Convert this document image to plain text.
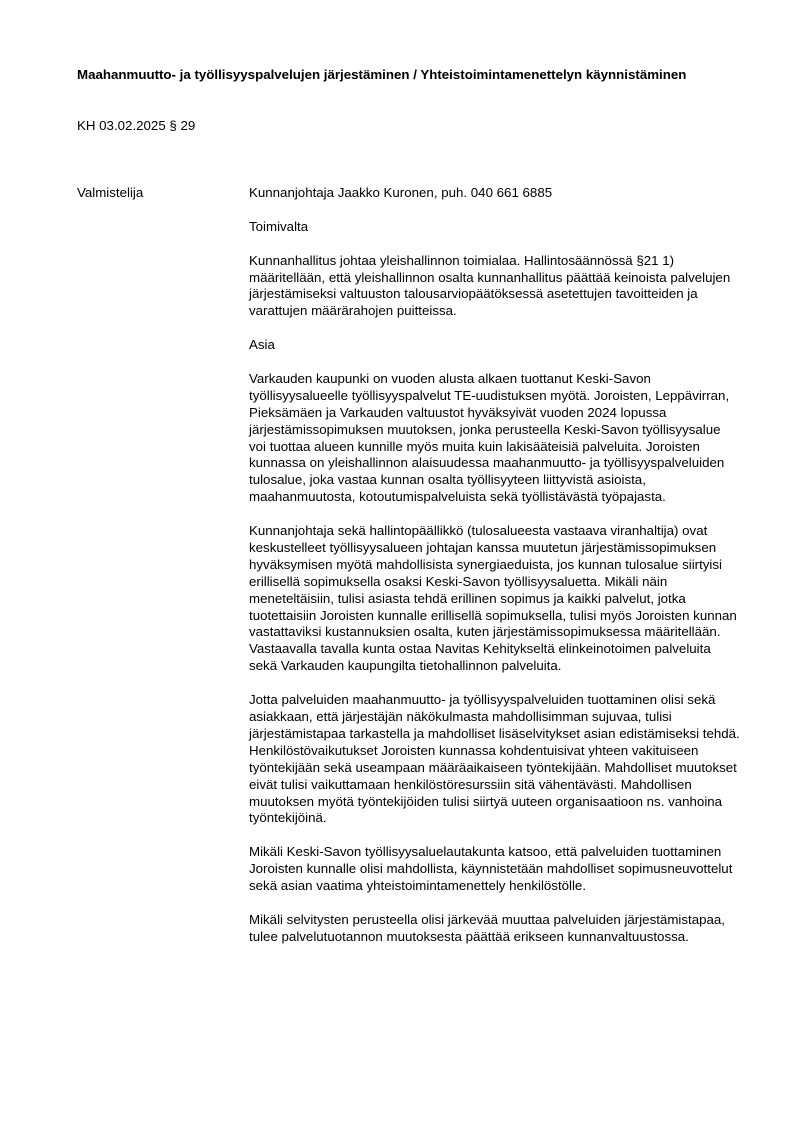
Maahanmuutto- ja työllisyyspalvelujen järjestäminen / Yhteistoimintamenettelyn käynnistäminen
KH 03.02.2025 § 29
Valmistelija	Kunnanjohtaja Jaakko Kuronen, puh. 040 661 6885

Toimivalta

Kunnanhallitus johtaa yleishallinnon toimialaa. Hallintosäännössä §21 1) määritellään, että yleishallinnon osalta kunnanhallitus päättää keinoista palvelujen järjestämiseksi valtuuston talousarviopäätöksessä asetettujen tavoitteiden ja varattujen määrärahojen puitteissa.

Asia

Varkauden kaupunki on vuoden alusta alkaen tuottanut Keski-Savon työllisyysalueelle työllisyyspalvelut TE-uudistuksen myötä. Joroisten, Leppävirran, Pieksämäen ja Varkauden valtuustot hyväksyivät vuoden 2024 lopussa järjestämissopimuksen muutoksen, jonka perusteella Keski-Savon työllisyysalue voi tuottaa alueen kunnille myös muita kuin lakisääteisiä palveluita. Joroisten kunnassa on yleishallinnon alaisuudessa maahanmuutto- ja työllisyyspalveluiden tulosalue, joka vastaa kunnan osalta työllisyyteen liittyvistä asioista, maahanmuutosta, kotoutumispalveluista sekä työllistävästä työpajasta.

Kunnanjohtaja sekä hallintopäällikkö (tulosalueesta vastaava viranhaltija) ovat keskustelleet työllisyysalueen johtajan kanssa muutetun järjestämissopimuksen hyväksymisen myötä mahdollisista synergiaeduista, jos kunnan tulosalue siirtyisi erillisellä sopimuksella osaksi Keski-Savon työllisyysaluetta. Mikäli näin meneteltäisiin, tulisi asiasta tehdä erillinen sopimus ja kaikki palvelut, jotka tuotettaisiin Joroisten kunnalle erillisellä sopimuksella, tulisi myös Joroisten kunnan vastattaviksi kustannuksien osalta, kuten järjestämissopimuksessa määritellään. Vastaavalla tavalla kunta ostaa Navitas Kehitykseltä elinkeinotoimen palveluita sekä Varkauden kaupungilta tietohallinnon palveluita.

Jotta palveluiden maahanmuutto- ja työllisyyspalveluiden tuottaminen olisi sekä asiakkaan, että järjestäjän näkökulmasta mahdollisimman sujuvaa, tulisi järjestämistapaa tarkastella ja mahdolliset lisäselvitykset asian edistämiseksi tehdä. Henkilöstövaikutukset Joroisten kunnassa kohdentuisivat yhteen vakituiseen työntekijään sekä useampaan määräaikaiseen työntekijään. Mahdolliset muutokset eivät tulisi vaikuttamaan henkilöstöresurssiin sitä vähentävästi. Mahdollisen muutoksen myötä työntekijöiden tulisi siirtyä uuteen organisaatioon ns. vanhoina työntekijöinä.

Mikäli Keski-Savon työllisyysaluelautakunta katsoo, että palveluiden tuottaminen Joroisten kunnalle olisi mahdollista, käynnistetään mahdolliset sopimusneuvottelut sekä asian vaatima yhteistoimintamenettely henkilöstölle.

Mikäli selvitysten perusteella olisi järkevää muuttaa palveluiden järjestämistapaa, tulee palvelutuotannon muutoksesta päättää erikseen kunnanvaltuustossa.
